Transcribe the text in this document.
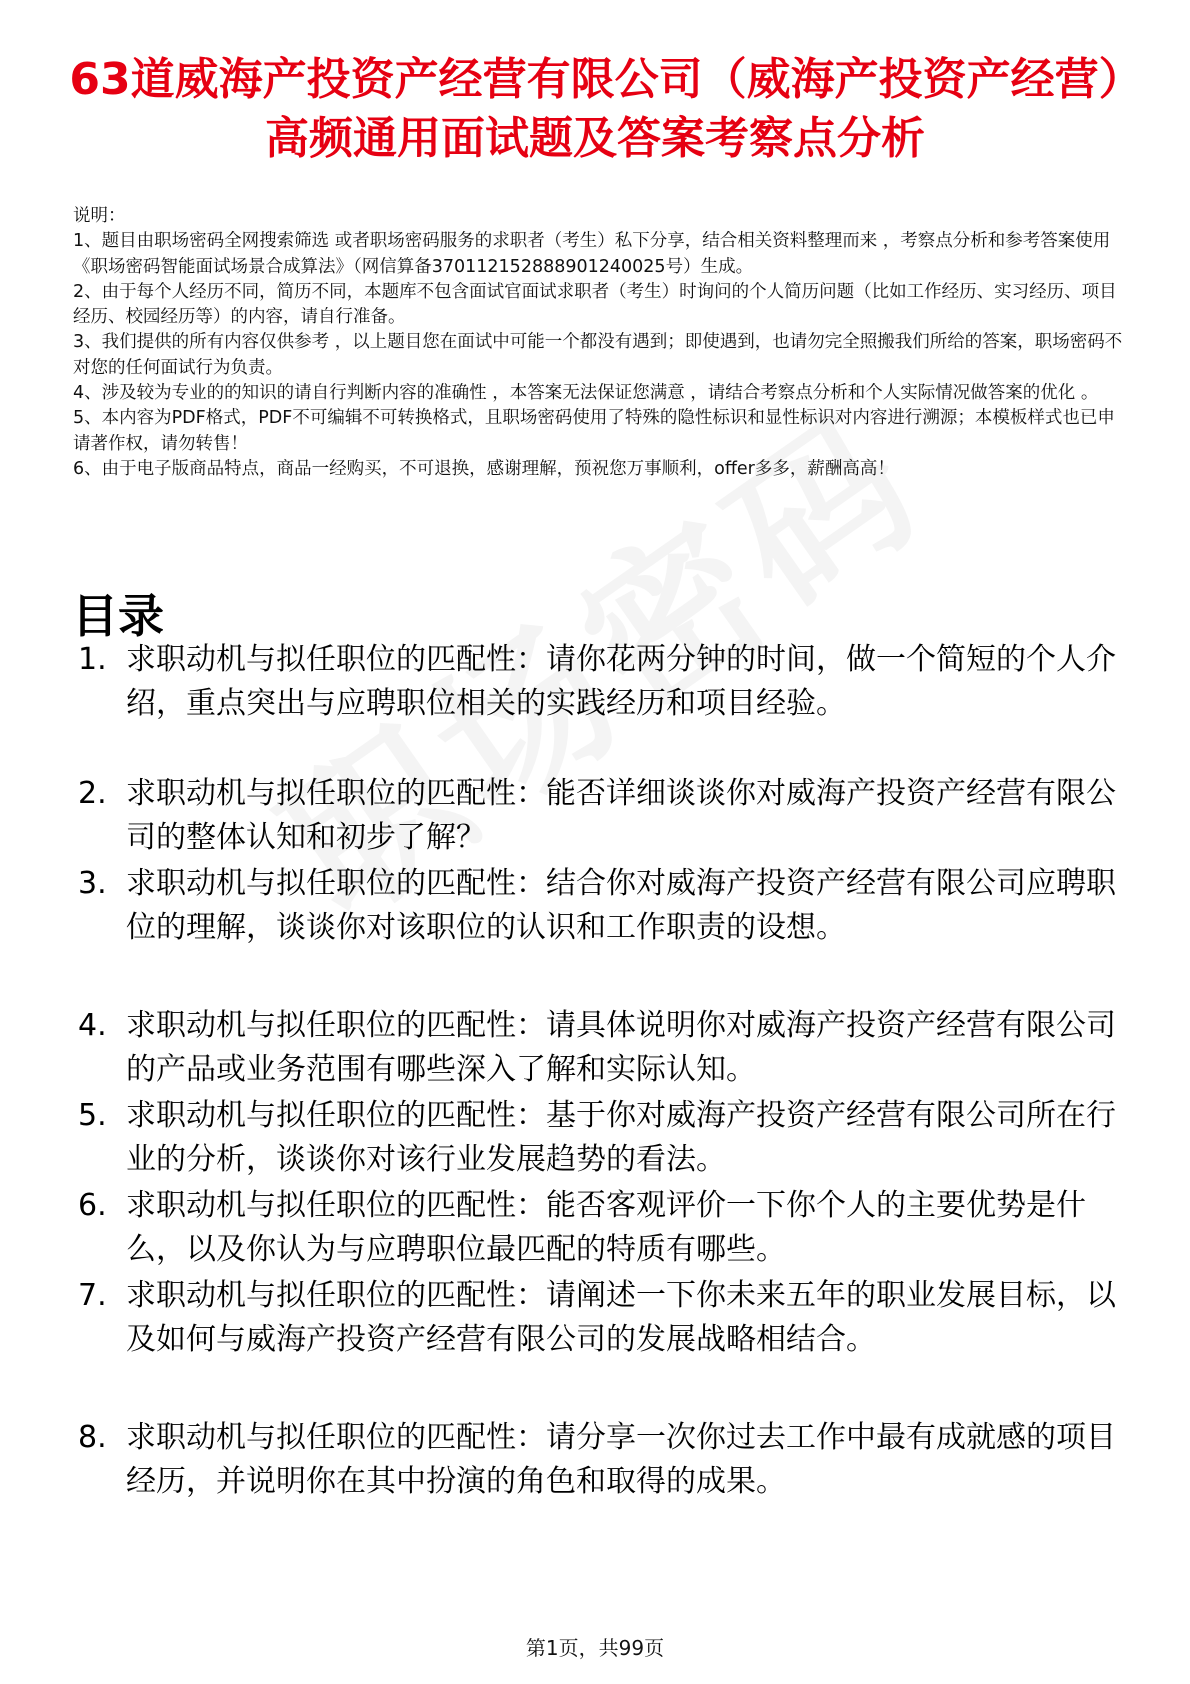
63道威海产投资产经营有限公司（威海产投资产经营）高频通用面试题及答案考察点分析
说明：
1、题目由职场密码全网搜索筛选 或者职场密码服务的求职者（考生）私下分享，结合相关资料整理而来 ，考察点分析和参考答案使用《职场密码智能面试场景合成算法》（网信算备370112152888901240025号）生成。
2、由于每个人经历不同，简历不同，本题库不包含面试官面试求职者（考生）时询问的个人简历问题（比如工作经历、实习经历、项目经历、校园经历等）的内容，请自行准备。
3、我们提供的所有内容仅供参考 ，以上题目您在面试中可能一个都没有遇到；即使遇到，也请勿完全照搬我们所给的答案，职场密码不对您的任何面试行为负责。
4、涉及较为专业的的知识的请自行判断内容的准确性 ，本答案无法保证您满意 ，请结合考察点分析和个人实际情况做答案的优化 。
5、本内容为PDF格式，PDF不可编辑不可转换格式，且职场密码使用了特殊的隐性标识和显性标识对内容进行溯源；本模板样式也已申请著作权，请勿转售！
6、由于电子版商品特点，商品一经购买，不可退换，感谢理解，预祝您万事顺利，offer多多，薪酬高高！
目录
1. 求职动机与拟任职位的匹配性：请你花两分钟的时间，做一个简短的个人介绍，重点突出与应聘职位相关的实践经历和项目经验。
2. 求职动机与拟任职位的匹配性：能否详细谈谈你对威海产投资产经营有限公司的整体认知和初步了解？
3. 求职动机与拟任职位的匹配性：结合你对威海产投资产经营有限公司应聘职位的理解，谈谈你对该职位的认识和工作职责的设想。
4. 求职动机与拟任职位的匹配性：请具体说明你对威海产投资产经营有限公司的产品或业务范围有哪些深入了解和实际认知。
5. 求职动机与拟任职位的匹配性：基于你对威海产投资产经营有限公司所在行业的分析，谈谈你对该行业发展趋势的看法。
6. 求职动机与拟任职位的匹配性：能否客观评价一下你个人的主要优势是什么，以及你认为与应聘职位最匹配的特质有哪些。
7. 求职动机与拟任职位的匹配性：请阐述一下你未来五年的职业发展目标，以及如何与威海产投资产经营有限公司的发展战略相结合。
8. 求职动机与拟任职位的匹配性：请分享一次你过去工作中最有成就感的项目经历，并说明你在其中扮演的角色和取得的成果。
第1页，共99页
